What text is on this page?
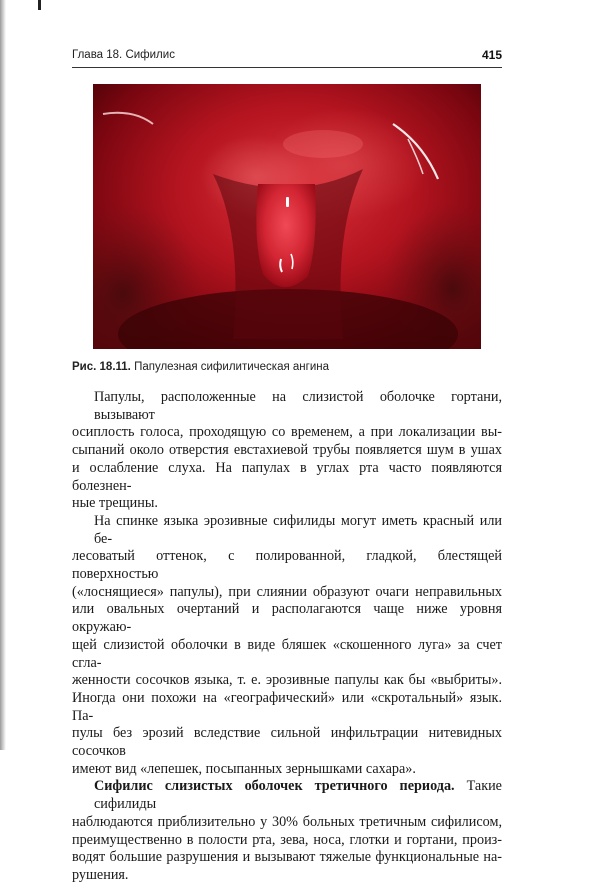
Глава 18. Сифилис	415
Рис. 18.11. Папулезная сифилитическая ангина

Папулы, расположенные на слизистой оболочке гортани, вызывают
осиплость голоса, проходящую со временем, а при локализации вы-
сыпаний около отверстия евстахиевой трубы появляется шум в ушах
и ослабление слуха. На папулах в углах рта часто появляются болезнен-
ные трещины.

На спинке языка эрозивные сифилиды могут иметь красный или бе-
лесоватый оттенок, с полированной, гладкой, блестящей поверхностью
(«лоснящиеся» папулы), при слиянии образуют очаги неправильных
или овальных очертаний и располагаются чаще ниже уровня окружаю-
щей слизистой оболочки в виде бляшек «скошенного луга» за счет сгла-
женности сосочков языка, т. е. эрозивные папулы как бы «выбриты».
Иногда они похожи на «географический» или «скротальный» язык. Па-
пулы без эрозий вследствие сильной инфильтрации нитевидных сосочков
имеют вид «лепешек, посыпанных зернышками сахара».

Сифилис слизистых оболочек третичного периода. Такие сифилиды
наблюдаются приблизительно у 30% больных третичным сифилисом,
преимущественно в полости рта, зева, носа, глотки и гортани, произ-
водят большие разрушения и вызывают тяжелые функциональные на-
рушения.
